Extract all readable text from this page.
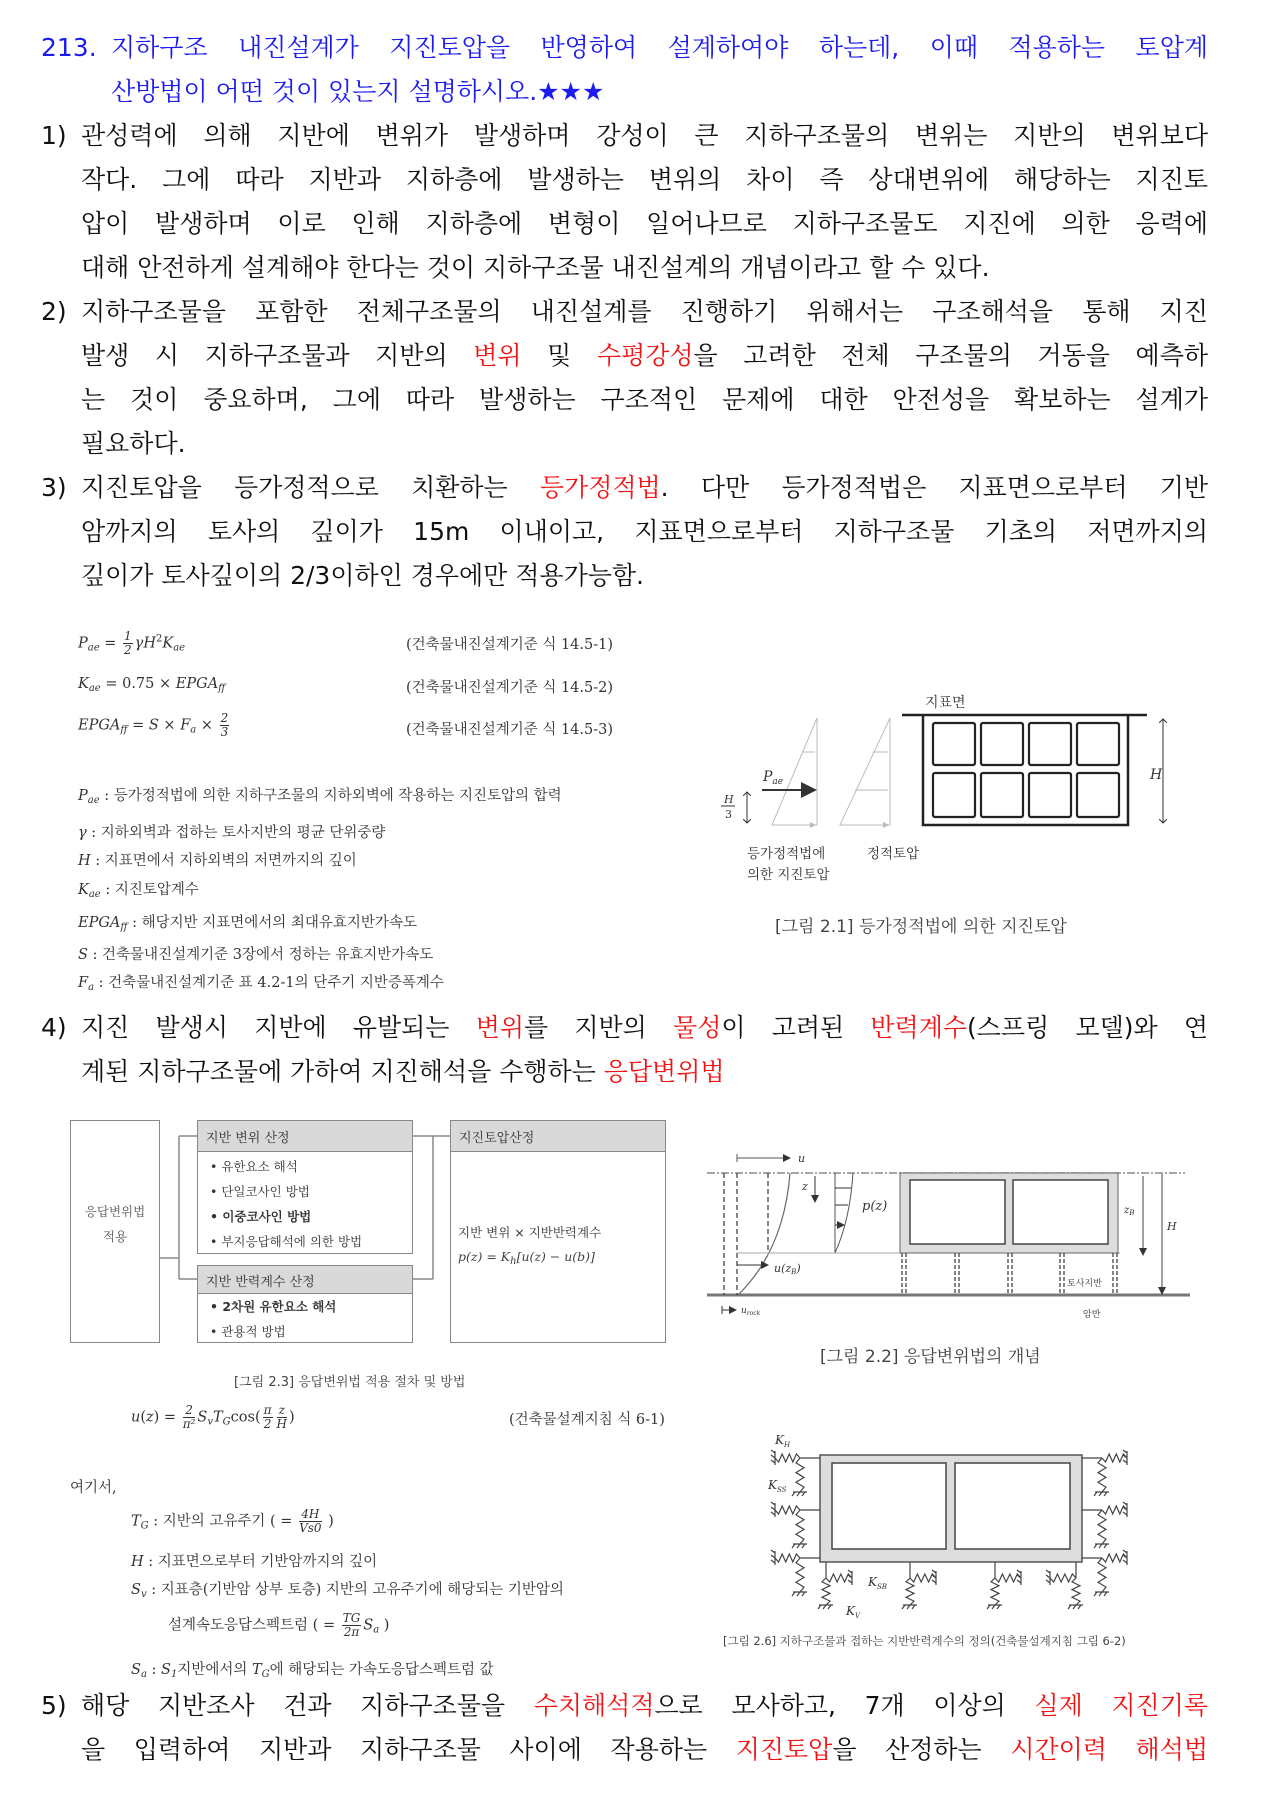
213. 지하구조 내진설계가 지진토압을 반영하여 설계하여야 하는데, 이때 적용하는 토압계
산방법이 어떤 것이 있는지 설명하시오.★★★
1) 관성력에 의해 지반에 변위가 발생하며 강성이 큰 지하구조물의 변위는 지반의 변위보다
작다. 그에 따라 지반과 지하층에 발생하는 변위의 차이 즉 상대변위에 해당하는 지진토
압이 발생하며 이로 인해 지하층에 변형이 일어나므로 지하구조물도 지진에 의한 응력에
대해 안전하게 설계해야 한다는 것이 지하구조물 내진설계의 개념이라고 할 수 있다.
2) 지하구조물을 포함한 전체구조물의 내진설계를 진행하기 위해서는 구조해석을 통해 지진
발생 시 지하구조물과 지반의 변위 및 수평강성을 고려한 전체 구조물의 거동을 예측하
는 것이 중요하며, 그에 따라 발생하는 구조적인 문제에 대한 안전성을 확보하는 설계가
필요하다.
3) 지진토압을 등가정적으로 치환하는 등가정적법. 다만 등가정적법은 지표면으로부터 기반
암까지의 토사의 깊이가 15m 이내이고, 지표면으로부터 지하구조물 기초의 저면까지의
깊이가 토사깊이의 2/3이하인 경우에만 적용가능함.
4) 지진 발생시 지반에 유발되는 변위를 지반의 물성이 고려된 반력계수(스프링 모델)와 연
계된 지하구조물에 가하여 지진해석을 수행하는 응답변위법
5) 해당 지반조사 건과 지하구조물을 수치해석적으로 모사하고, 7개 이상의 실제 지진기록
을 입력하여 지반과 지하구조물 사이에 작용하는 지진토압을 산정하는 시간이력 해석법
$P_{ae} = \frac{1}{2} \gamma H^2K_{ae}$	(건축물내진설계기준 식 14.5-1)
$K_{ae} = 0.75$ × $EPGA_{ff}$	(건축물내진설계기준 식 14.5-2)
$EPGA_{ff} = S \times F_a \times \frac{2}{3}$	(건축물내진설계기준 식 14.5-3)
$P_{ae}$ : 등가정적법에 의한 지하구조물의 지하외벽에 작용하는 지진토압의 합력
γ : 지하외벽과 접하는 토사지반의 평균 단위중량
H : 지표면에서 지하외벽의 저면까지의 깊이
$K_{ae}$ : 지진토압계수
$EPGA_{ff}$ : 해당지반 지표면에서의 최대유효지반가속도
S : 건축물내진설계기준 3장에서 정하는 유효지반가속도
$F_a$ : 건축물내진설계기준 표 4.2-1의 단주기 지반증폭계수
응답변위법
적용
지반 변위 산정
• 유한요소 해석
• 단일코사인 방법
• 이중코사인 방법
• 부지응답해석에 의한 방법
지반 반력계수 산정
• 2차원 유한요소 해석
• 관용적 방법
지진토압산정
지반 변위 × 지반반력계수
$p(z) = K_h[u(z) - u(b)]$
[그림 2.3] 응답변위법 적용 절차 및 방법
$u(z) = \frac{2}{\text{π²}} S_vT_G\cos( \frac{\pi}{2} \frac{z}{H}$ )	(건축물설계지침 식 6-1)
여기서,
$T_G$ : 지반의 고유주기 ( = $\frac{4H}{Vs0}$ )
H : 지표면으로부터 기반암까지의 깊이
$S_v$ : 지표층(기반암 상부 토층) 지반의 고유주기에 해당되는 기반암의
설계속도응답스펙트럼 ( = $\frac{TG}{2\pi} S_a$ )
$S_a$ : $S_1$지반에서의 $T_G$에 해당되는 가속도응답스펙트럼 값
[그림 2.1] 등가정적법에 의한 지진토압
[그림 2.2] 응답변위법의 개념
[그림 2.6] 지하구조물과 접하는 지반반력계수의 정의(건축물설계지침 그림 6-2)
H
지표면
$P_{ae}$
H
3
등가정적법에
의한 지진토압
정적토압
u
z
p(z)
u(zB)
토사지반
$z_B$
H
$u_{rock}$	암반
$K_H$
$K_{SS}$
$K_{SB}$
$K_V$
